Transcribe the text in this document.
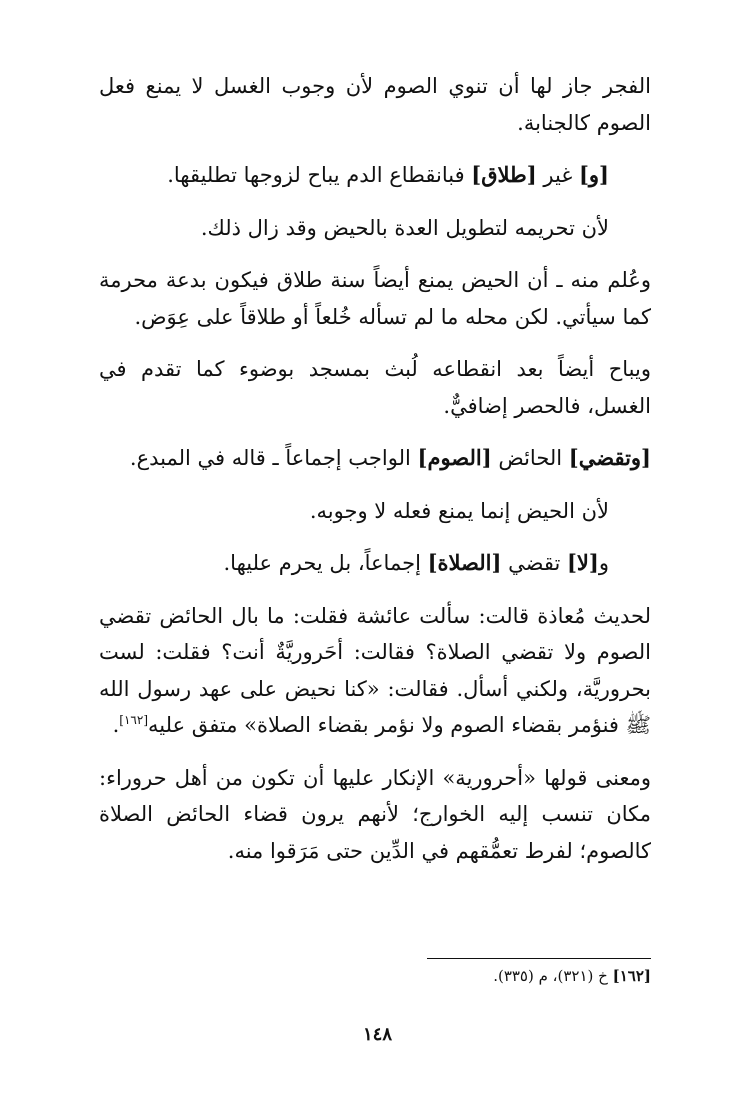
الفجر جاز لها أن تنوي الصوم لأن وجوب الغسل لا يمنع فعل الصوم كالجنابة.

[و] غير [طلاق] فبانقطاع الدم يباح لزوجها تطليقها.

لأن تحريمه لتطويل العدة بالحيض وقد زال ذلك.

وعُلم منه ـ أن الحيض يمنع أيضاً سنة طلاق فيكون بدعة محرمة كما سيأتي. لكن محله ما لم تسأله خُلعاً أو طلاقاً على عِوَض.

ويباح أيضاً بعد انقطاعه لُبث بمسجد بوضوء كما تقدم في الغسل، فالحصر إضافيٌّ.

[وتقضي] الحائض [الصوم] الواجب إجماعاً ـ قاله في المبدع.

لأن الحيض إنما يمنع فعله لا وجوبه.

و[لا] تقضي [الصلاة] إجماعاً، بل يحرم عليها.

لحديث مُعاذة قالت: سألت عائشة فقلت: ما بال الحائض تقضي الصوم ولا تقضي الصلاة؟ فقالت: أحَروريَّةٌ أنت؟ فقلت: لست بحروريَّة، ولكني أسأل. فقالت: «كنا نحيض على عهد رسول الله ﷺ فنؤمر بقضاء الصوم ولا نؤمر بقضاء الصلاة» متفق عليه[١٦٢].

ومعنى قولها «أحرورية» الإنكار عليها أن تكون من أهل حروراء: مكان تنسب إليه الخوارج؛ لأنهم يرون قضاء الحائض الصلاة كالصوم؛ لفرط تعمُّقهم في الدِّين حتى مَرَقوا منه.

[١٦٢] خ (٣٢١)، م (٣٣٥).

١٤٨
